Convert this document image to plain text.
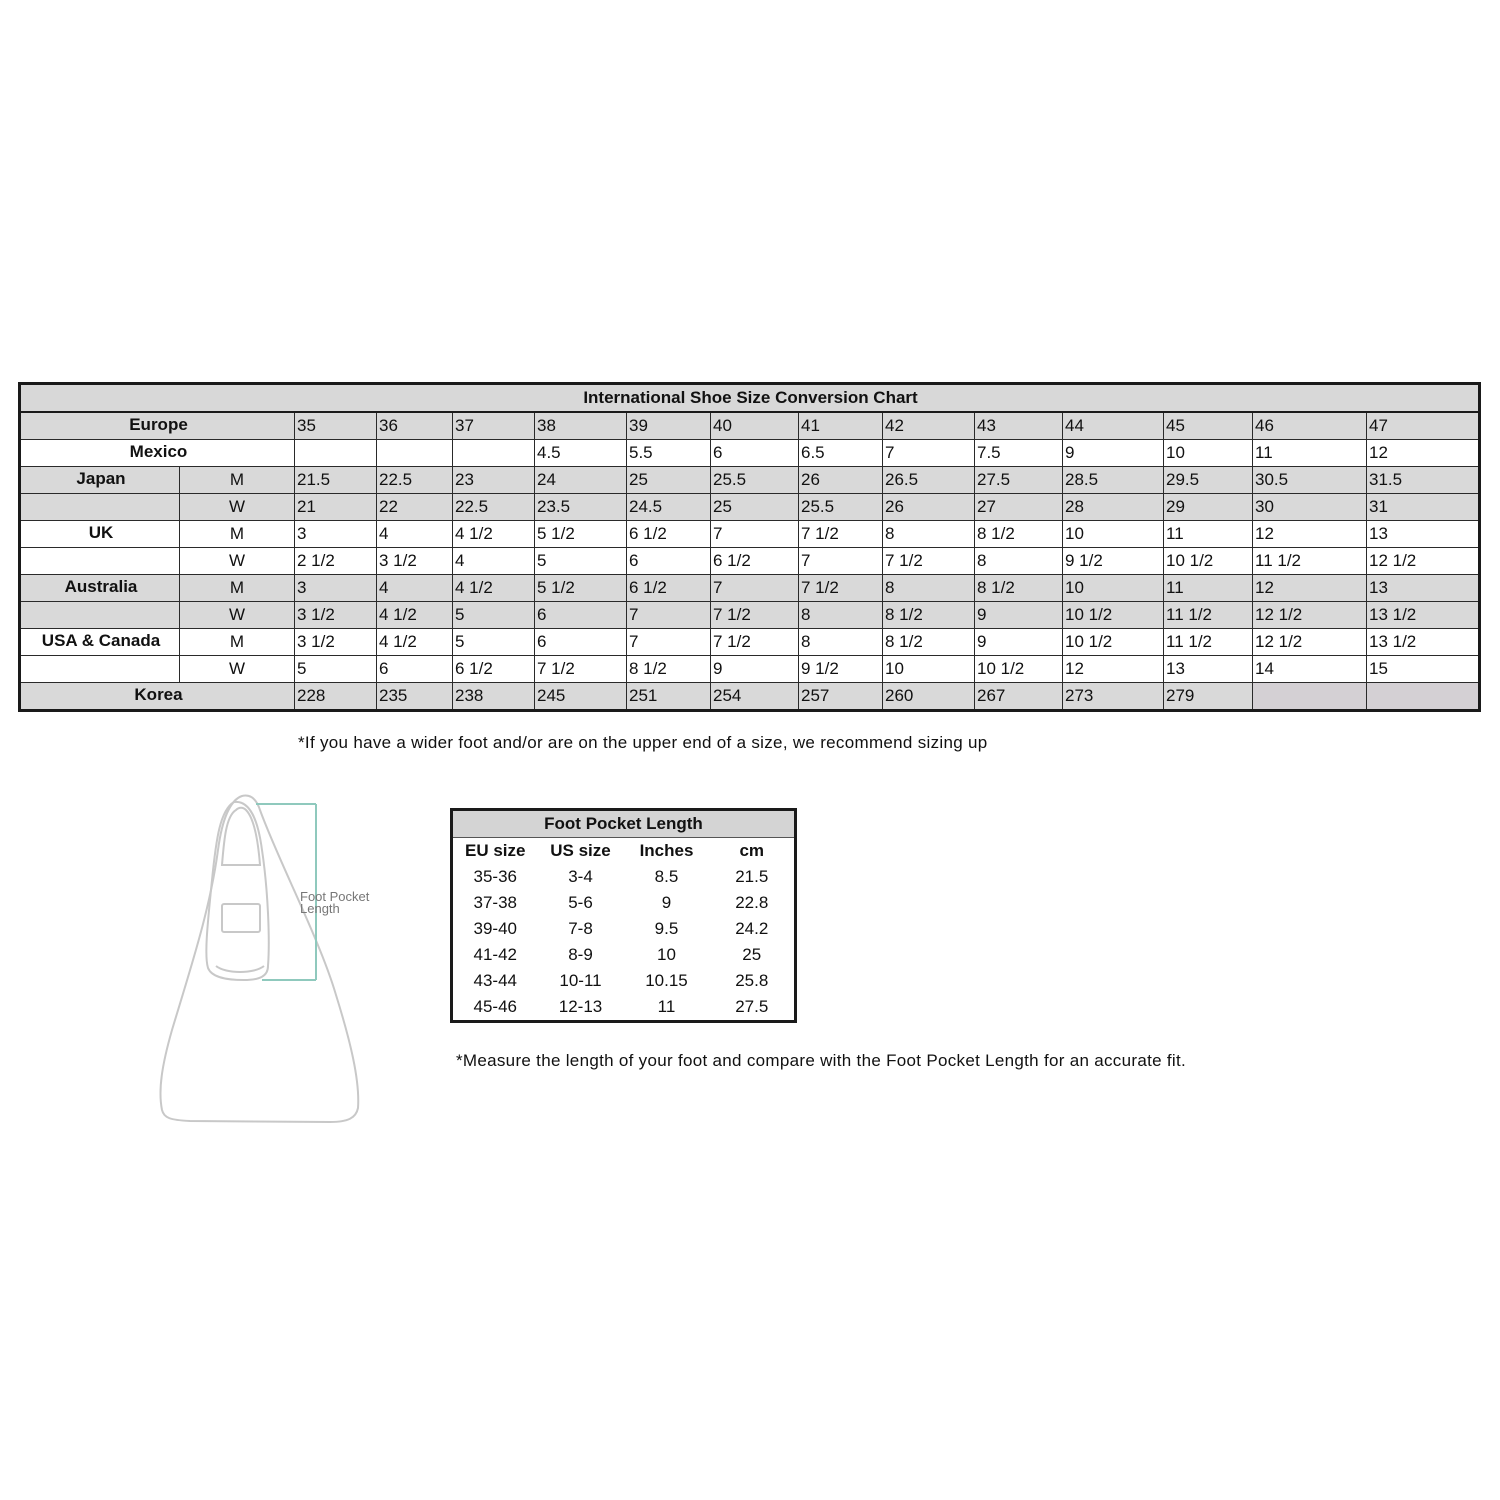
International Shoe Size Conversion Chart														
Europe		35	36	37	38	39	40	41	42	43	44	45	46	47
Mexico					4.5	5.5	6	6.5	7	7.5	9	10	11	12
Japan	M	21.5	22.5	23	24	25	25.5	26	26.5	27.5	28.5	29.5	30.5	31.5
	W	21	22	22.5	23.5	24.5	25	25.5	26	27	28	29	30	31
UK	M	3	4	4 1/2	5 1/2	6 1/2	7	7 1/2	8	8 1/2	10	11	12	13
	W	2 1/2	3 1/2	4	5	6	6 1/2	7	7 1/2	8	9 1/2	10 1/2	11 1/2	12 1/2
Australia	M	3	4	4 1/2	5 1/2	6 1/2	7	7 1/2	8	8 1/2	10	11	12	13
	W	3 1/2	4 1/2	5	6	7	7 1/2	8	8 1/2	9	10 1/2	11 1/2	12 1/2	13 1/2
USA & Canada	M	3 1/2	4 1/2	5	6	7	7 1/2	8	8 1/2	9	10 1/2	11 1/2	12 1/2	13 1/2
	W	5	6	6 1/2	7 1/2	8 1/2	9	9 1/2	10	10 1/2	12	13	14	15
Korea		228	235	238	245	251	254	257	260	267	273	279		
*If you have a wider foot and/or are on the upper end of a size, we recommend sizing up
Foot Pocket
Length
Foot Pocket Length			
EU size	US size	Inches	cm
35-36	3-4	8.5	21.5
37-38	5-6	9	22.8
39-40	7-8	9.5	24.2
41-42	8-9	10	25
43-44	10-11	10.15	25.8
45-46	12-13	11	27.5
*Measure the length of your foot and compare with the Foot Pocket Length for an accurate fit.
